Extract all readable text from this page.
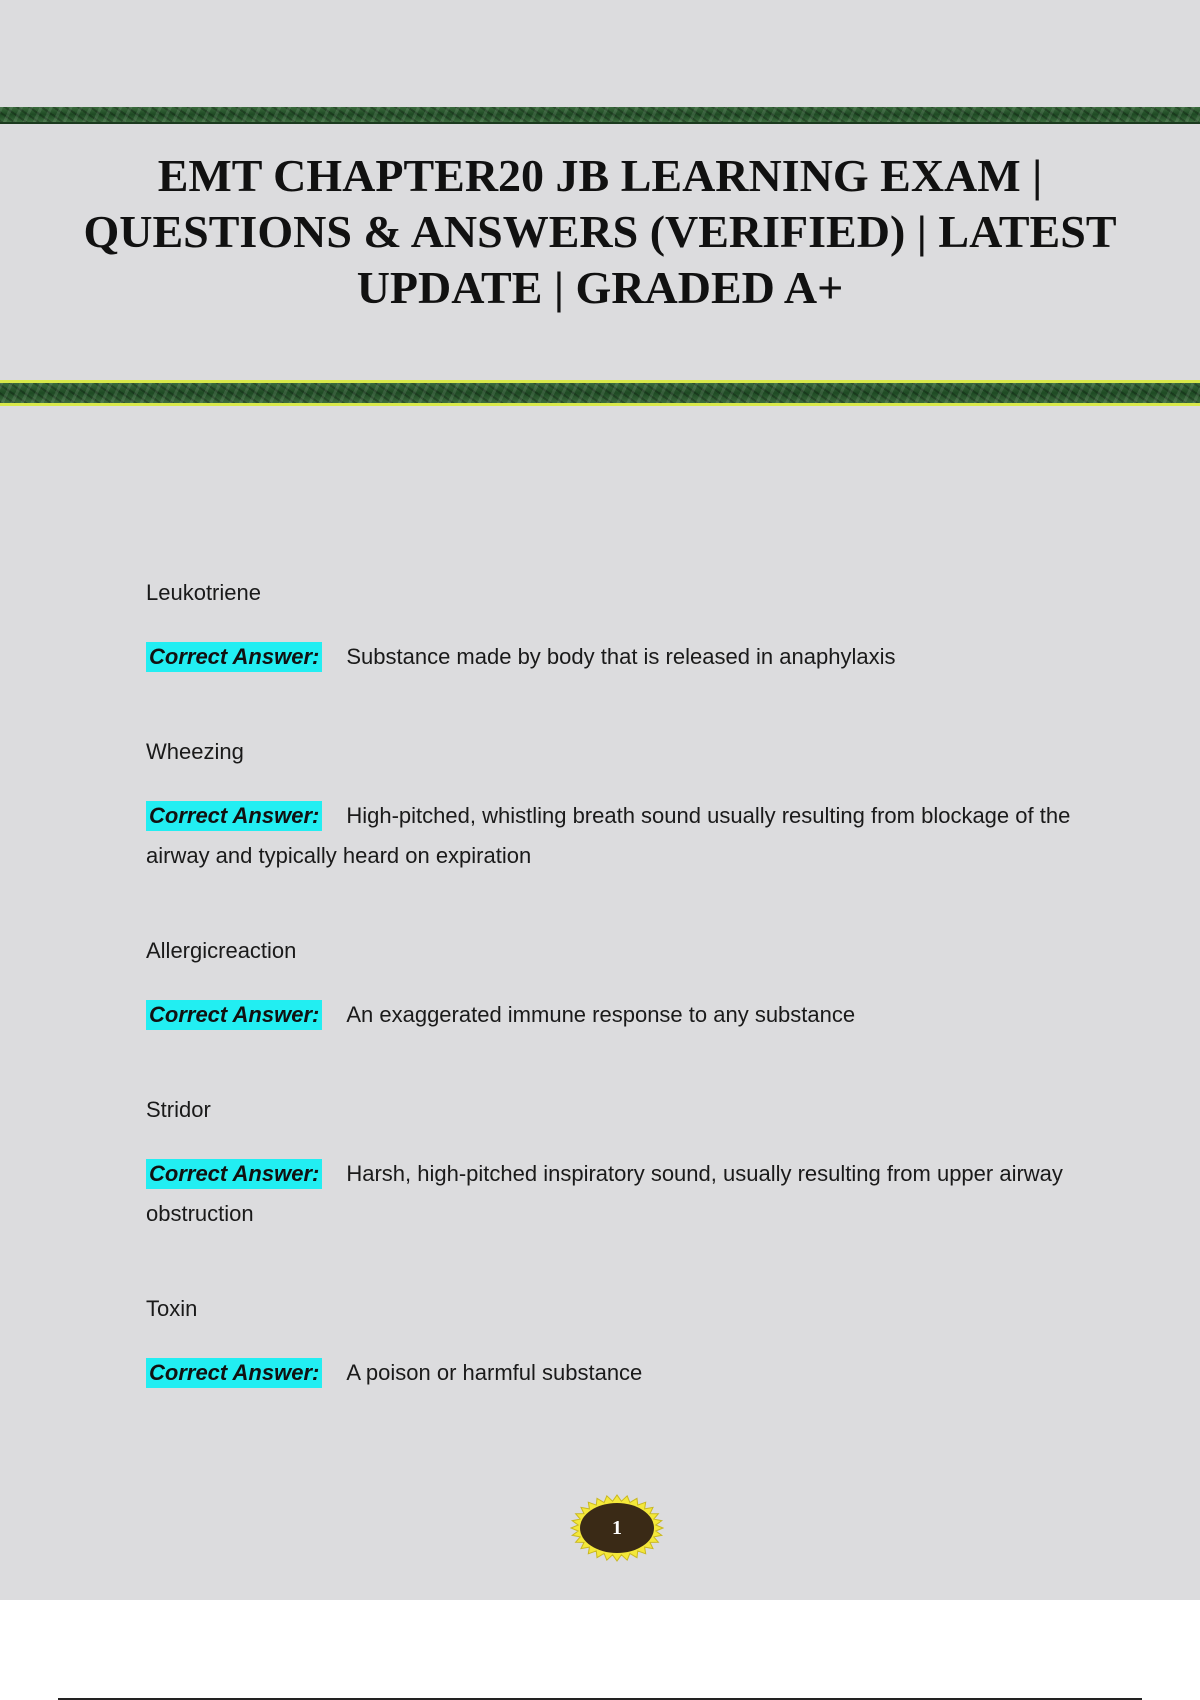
EMT CHAPTER20 JB LEARNING EXAM | QUESTIONS & ANSWERS (VERIFIED) | LATEST UPDATE | GRADED A+
Leukotriene
Correct Answer: Substance made by body that is released in anaphylaxis
Wheezing
Correct Answer: High-pitched, whistling breath sound usually resulting from blockage of the airway and typically heard on expiration
Allergicreaction
Correct Answer: An exaggerated immune response to any substance
Stridor
Correct Answer: Harsh, high-pitched inspiratory sound, usually resulting from upper airway obstruction
Toxin
Correct Answer: A poison or harmful substance
1
